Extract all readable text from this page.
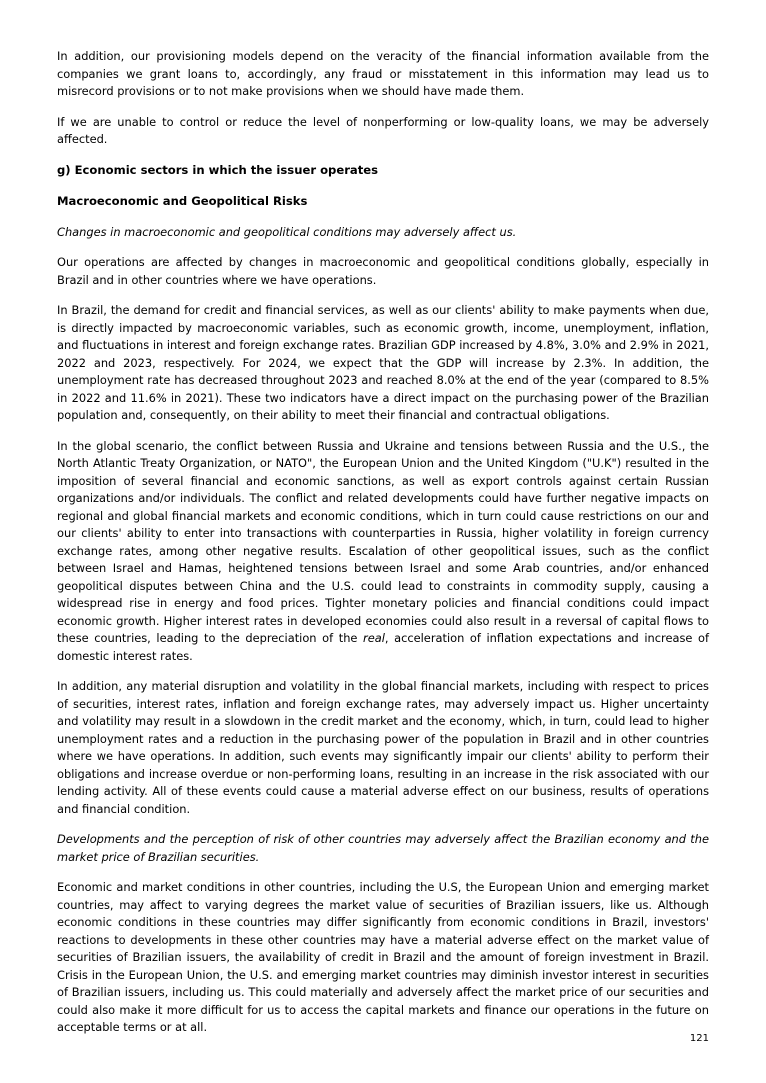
In addition, our provisioning models depend on the veracity of the financial information available from the companies we grant loans to, accordingly, any fraud or misstatement in this information may lead us to misrecord provisions or to not make provisions when we should have made them.

If we are unable to control or reduce the level of nonperforming or low-quality loans, we may be adversely affected.

g) Economic sectors in which the issuer operates

Macroeconomic and Geopolitical Risks

Changes in macroeconomic and geopolitical conditions may adversely affect us.

Our operations are affected by changes in macroeconomic and geopolitical conditions globally, especially in Brazil and in other countries where we have operations.

In Brazil, the demand for credit and financial services, as well as our clients' ability to make payments when due, is directly impacted by macroeconomic variables, such as economic growth, income, unemployment, inflation, and fluctuations in interest and foreign exchange rates. Brazilian GDP increased by 4.8%, 3.0% and 2.9% in 2021, 2022 and 2023, respectively. For 2024, we expect that the GDP will increase by 2.3%. In addition, the unemployment rate has decreased throughout 2023 and reached 8.0% at the end of the year (compared to 8.5% in 2022 and 11.6% in 2021). These two indicators have a direct impact on the purchasing power of the Brazilian population and, consequently, on their ability to meet their financial and contractual obligations.

In the global scenario, the conflict between Russia and Ukraine and tensions between Russia and the U.S., the North Atlantic Treaty Organization, or NATO", the European Union and the United Kingdom ("U.K") resulted in the imposition of several financial and economic sanctions, as well as export controls against certain Russian organizations and/or individuals. The conflict and related developments could have further negative impacts on regional and global financial markets and economic conditions, which in turn could cause restrictions on our and our clients' ability to enter into transactions with counterparties in Russia, higher volatility in foreign currency exchange rates, among other negative results. Escalation of other geopolitical issues, such as the conflict between Israel and Hamas, heightened tensions between Israel and some Arab countries, and/or enhanced geopolitical disputes between China and the U.S. could lead to constraints in commodity supply, causing a widespread rise in energy and food prices. Tighter monetary policies and financial conditions could impact economic growth. Higher interest rates in developed economies could also result in a reversal of capital flows to these countries, leading to the depreciation of the real, acceleration of inflation expectations and increase of domestic interest rates.

In addition, any material disruption and volatility in the global financial markets, including with respect to prices of securities, interest rates, inflation and foreign exchange rates, may adversely impact us. Higher uncertainty and volatility may result in a slowdown in the credit market and the economy, which, in turn, could lead to higher unemployment rates and a reduction in the purchasing power of the population in Brazil and in other countries where we have operations. In addition, such events may significantly impair our clients' ability to perform their obligations and increase overdue or non-performing loans, resulting in an increase in the risk associated with our lending activity. All of these events could cause a material adverse effect on our business, results of operations and financial condition.

Developments and the perception of risk of other countries may adversely affect the Brazilian economy and the market price of Brazilian securities.

Economic and market conditions in other countries, including the U.S, the European Union and emerging market countries, may affect to varying degrees the market value of securities of Brazilian issuers, like us. Although economic conditions in these countries may differ significantly from economic conditions in Brazil, investors' reactions to developments in these other countries may have a material adverse effect on the market value of securities of Brazilian issuers, the availability of credit in Brazil and the amount of foreign investment in Brazil. Crisis in the European Union, the U.S. and emerging market countries may diminish investor interest in securities of Brazilian issuers, including us. This could materially and adversely affect the market price of our securities and could also make it more difficult for us to access the capital markets and finance our operations in the future on acceptable terms or at all.

121
